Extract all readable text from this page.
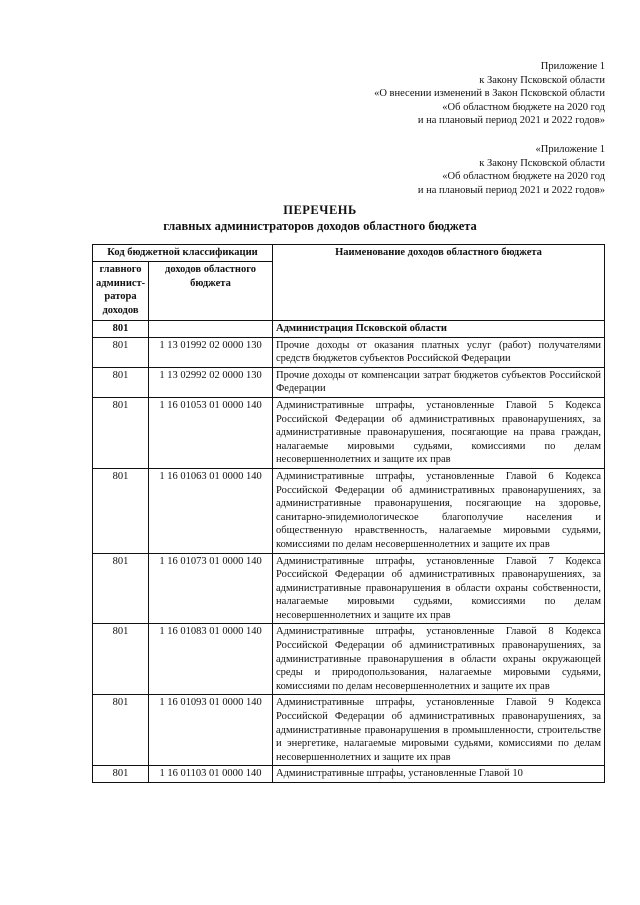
Приложение 1
к Закону Псковской области
«О внесении изменений в Закон Псковской области
«Об областном бюджете на 2020 год
и на плановый период 2021 и 2022 годов»
«Приложение 1
к Закону Псковской области
«Об областном бюджете на 2020 год
и на плановый период 2021 и 2022 годов»
ПЕРЕЧЕНЬ
главных администраторов доходов областного бюджета
Код бюджетной классификации		Наименование доходов областного бюджета
главного админист-ратора доходов	доходов областного бюджета	
801		Администрация Псковской области
801	1 13 01992 02 0000 130	Прочие доходы от оказания платных услуг (работ) получателями средств бюджетов субъектов Российской Федерации
801	1 13 02992 02 0000 130	Прочие доходы от компенсации затрат бюджетов субъектов Российской Федерации
801	1 16 01053 01 0000 140	Административные штрафы, установленные Главой 5 Кодекса Российской Федерации об административных правонарушениях, за административные правонарушения, посягающие на права граждан, налагаемые мировыми судьями, комиссиями по делам несовершеннолетних и защите их прав
801	1 16 01063 01 0000 140	Административные штрафы, установленные Главой 6 Кодекса Российской Федерации об административных правонарушениях, за административные правонарушения, посягающие на здоровье, санитарно-эпидемиологическое благополучие населения и общественную нравственность, налагаемые мировыми судьями, комиссиями по делам несовершеннолетних и защите их прав
801	1 16 01073 01 0000 140	Административные штрафы, установленные Главой 7 Кодекса Российской Федерации об административных правонарушениях, за административные правонарушения в области охраны собственности, налагаемые мировыми судьями, комиссиями по делам несовершеннолетних и защите их прав
801	1 16 01083 01 0000 140	Административные штрафы, установленные Главой 8 Кодекса Российской Федерации об административных правонарушениях, за административные правонарушения в области охраны окружающей среды и природопользования, налагаемые мировыми судьями, комиссиями по делам несовершеннолетних и защите их прав
801	1 16 01093 01 0000 140	Административные штрафы, установленные Главой 9 Кодекса Российской Федерации об административных правонарушениях, за административные правонарушения в промышленности, строительстве и энергетике, налагаемые мировыми судьями, комиссиями по делам несовершеннолетних и защите их прав
801	1 16 01103 01 0000 140	Административные штрафы, установленные Главой 10
